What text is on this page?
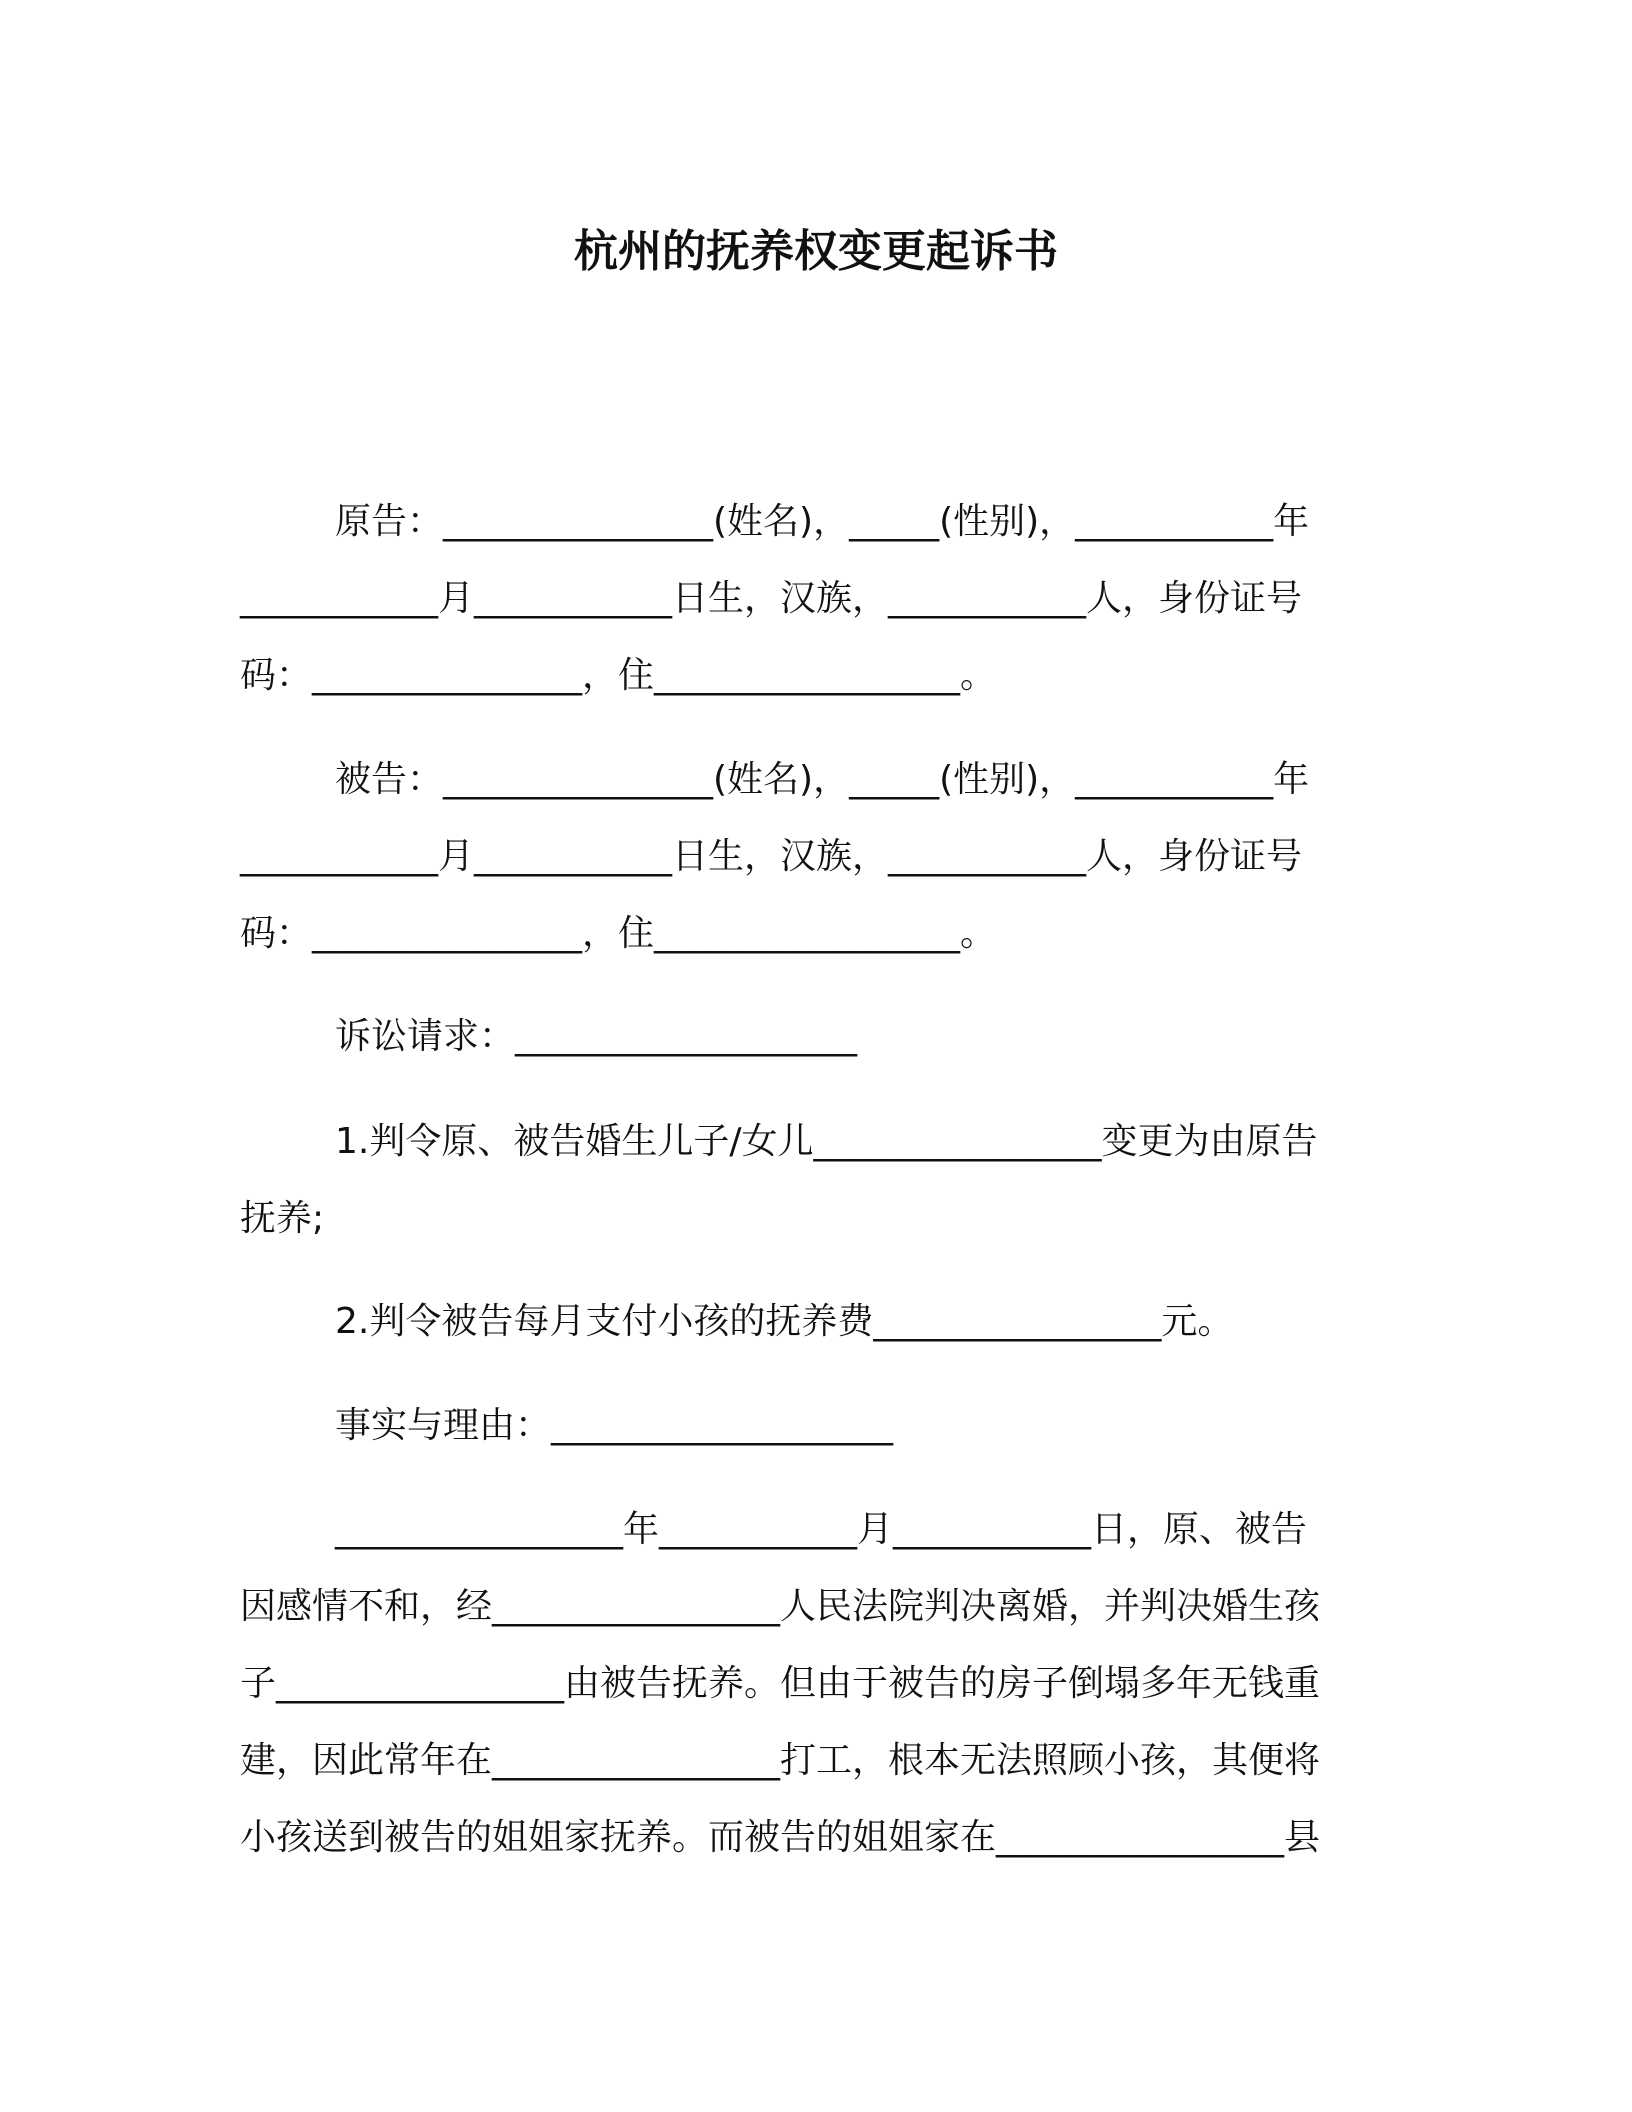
杭州的抚养权变更起诉书
原告：_______________(姓名)，_____(性别)，___________年
___________月___________日生，汉族，___________人，身份证号
码：_______________，住_________________。
被告：_______________(姓名)，_____(性别)，___________年
___________月___________日生，汉族，___________人，身份证号
码：_______________，住_________________。
诉讼请求：___________________
1.判令原、被告婚生儿子/女儿________________变更为由原告
抚养;
2.判令被告每月支付小孩的抚养费________________元。
事实与理由：___________________
________________年___________月___________日，原、被告
因感情不和，经________________人民法院判决离婚，并判决婚生孩
子________________由被告抚养。但由于被告的房子倒塌多年无钱重
建，因此常年在________________打工，根本无法照顾小孩，其便将
小孩送到被告的姐姐家抚养。而被告的姐姐家在________________县
